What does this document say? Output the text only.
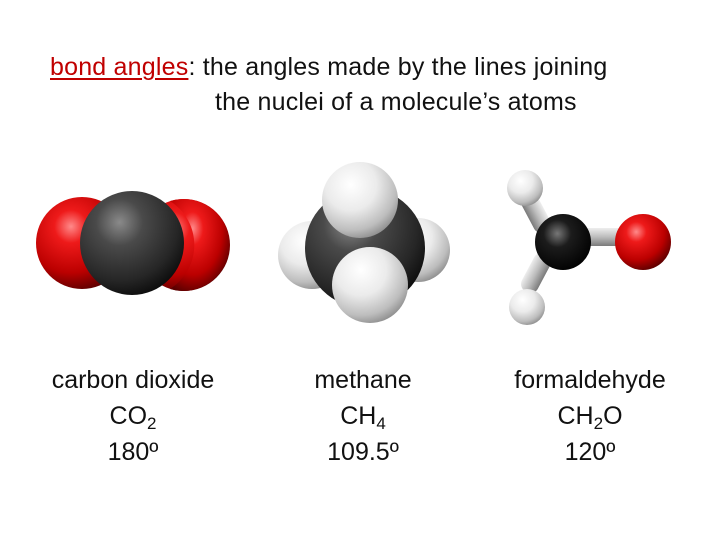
bond angles: the angles made by the lines joining
the nuclei of a molecule’s atoms
carbon dioxide
$CO_2$
180º
methane
$CH_4$
109.5º
formaldehyde
$CH_2O$
120º
